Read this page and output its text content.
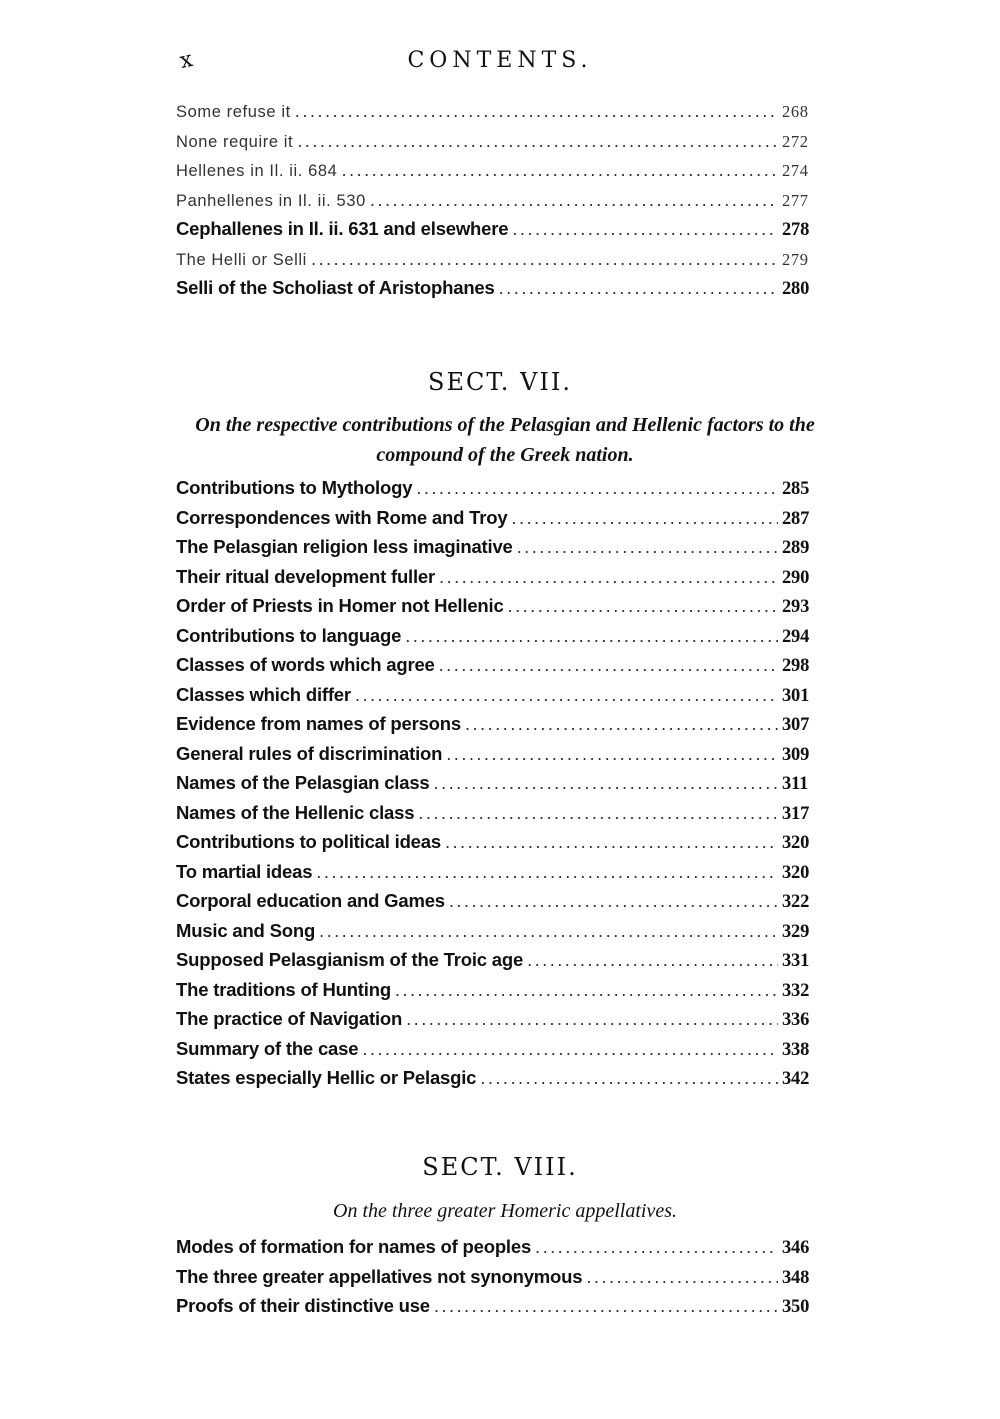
x	CONTENTS.
Some refuse it .....	268
None require it .....	272
Hellenes in Il. ii. 684 .....	274
Panhellenes in Il. ii. 530 .....	277
Cephallenes in Il. ii. 631 and elsewhere .....	278
The Helli or Selli .....	279
Selli of the Scholiast of Aristophanes .....	280
SECT. VII.
On the respective contributions of the Pelasgian and Hellenic factors to the compound of the Greek nation.
Contributions to Mythology .....	285
Correspondences with Rome and Troy .....	287
The Pelasgian religion less imaginative .....	289
Their ritual development fuller .....	290
Order of Priests in Homer not Hellenic .....	293
Contributions to language .....	294
Classes of words which agree .....	298
Classes which differ .....	301
Evidence from names of persons .....	307
General rules of discrimination .....	309
Names of the Pelasgian class .....	311
Names of the Hellenic class .....	317
Contributions to political ideas .....	320
To martial ideas .....	320
Corporal education and Games .....	322
Music and Song .....	329
Supposed Pelasgianism of the Troic age .....	331
The traditions of Hunting .....	332
The practice of Navigation .....	336
Summary of the case .....	338
States especially Hellic or Pelasgic .....	342
SECT. VIII.
On the three greater Homeric appellatives.
Modes of formation for names of peoples .....	346
The three greater appellatives not synonymous .....	348
Proofs of their distinctive use .....	350
